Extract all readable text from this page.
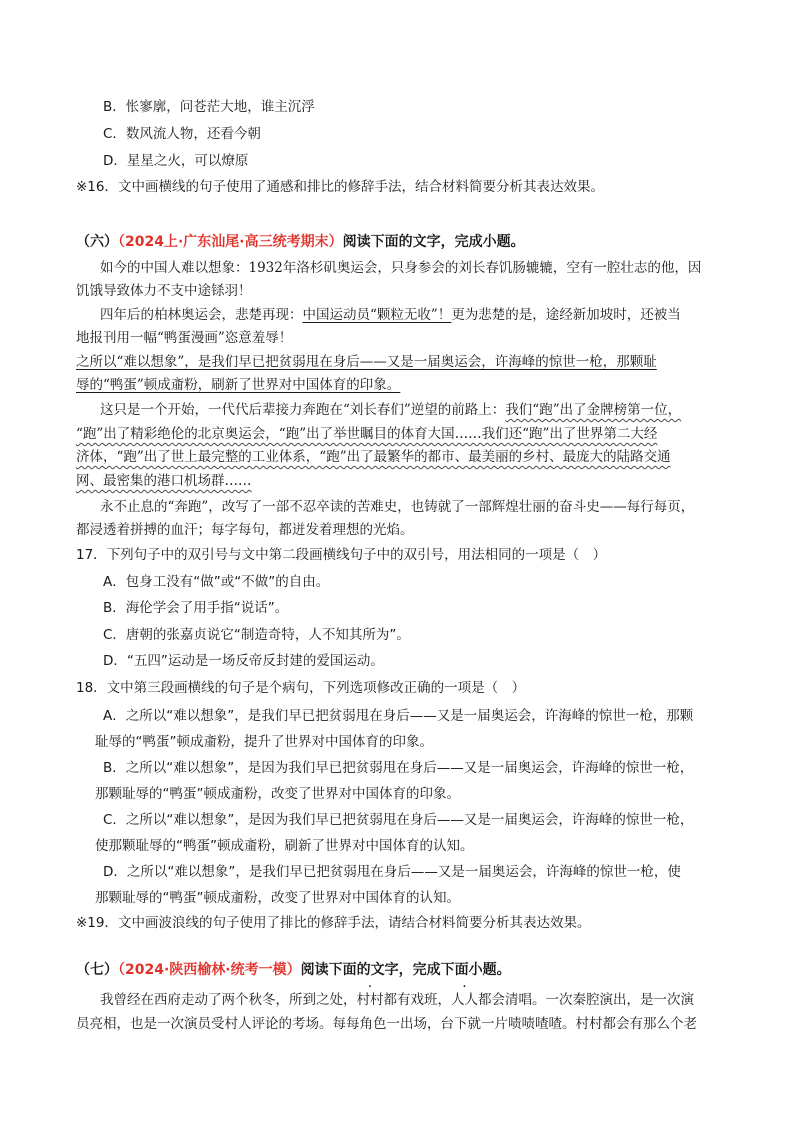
B．怅寥廓，问苍茫大地，谁主沉浮
C．数风流人物，还看今朝
D．星星之火，可以燎原
※16．文中画横线的句子使用了通感和排比的修辞手法，结合材料简要分析其表达效果。
（六）（2024上·广东汕尾·高三统考期末）阅读下面的文字，完成小题。
如今的中国人难以想象：1932年洛杉矶奥运会，只身参会的刘长春饥肠辘辘，空有一腔壮志的他，因
饥饿导致体力不支中途铩羽！
四年后的柏林奥运会，悲楚再现：中国运动员“颗粒无收”！更为悲楚的是，途经新加坡时，还被当
地报刊用一幅“鸭蛋漫画”恣意羞辱！
之所以“难以想象”，是我们早已把贫弱甩在身后——又是一届奥运会，许海峰的惊世一枪，那颗耻
辱的“鸭蛋”顿成齑粉，刷新了世界对中国体育的印象。
这只是一个开始，一代代后辈接力奔跑在“刘长春们”逆望的前路上：我们“跑”出了金牌榜第一位，
“跑”出了精彩绝伦的北京奥运会，“跑”出了举世瞩目的体育大国……我们还“跑”出了世界第二大经
济体，“跑”出了世上最完整的工业体系，“跑”出了最繁华的都市、最美丽的乡村、最庞大的陆路交通
网、最密集的港口机场群……
永不止息的“奔跑”，改写了一部不忍卒读的苦难史，也铸就了一部辉煌壮丽的奋斗史——每行每页，
都浸透着拼搏的血汗；每字每句，都迸发着理想的光焰。
17．下列句子中的双引号与文中第二段画横线句子中的双引号，用法相同的一项是（　）
A．包身工没有“做”或“不做”的自由。
B．海伦学会了用手指“说话”。
C．唐朝的张嘉贞说它“制造奇特，人不知其所为”。
D．“五四”运动是一场反帝反封建的爱国运动。
18．文中第三段画横线的句子是个病句，下列选项修改正确的一项是（　）
A．之所以“难以想象”，是我们早已把贫弱甩在身后——又是一届奥运会，许海峰的惊世一枪，那颗
耻辱的“鸭蛋”顿成齑粉，提升了世界对中国体育的印象。
B．之所以“难以想象”，是因为我们早已把贫弱甩在身后——又是一届奥运会，许海峰的惊世一枪，
那颗耻辱的“鸭蛋”顿成齑粉，改变了世界对中国体育的印象。
C．之所以“难以想象”，是因为我们早已把贫弱甩在身后——又是一届奥运会，许海峰的惊世一枪，
使那颗耻辱的“鸭蛋”顿成齑粉，刷新了世界对中国体育的认知。
D．之所以“难以想象”，是我们早已把贫弱甩在身后——又是一届奥运会，许海峰的惊世一枪，使
那颗耻辱的“鸭蛋”顿成齑粉，改变了世界对中国体育的认知。
※19．文中画波浪线的句子使用了排比的修辞手法，请结合材料简要分析其表达效果。
（七）（2024·陕西榆林·统考一模）阅读下面的文字，完成下面小题。
我曾经在西府走动了两个秋冬，所到之处，村村都有戏班，人人都会清唱。一次秦腔演出，是一次演
员亮相，也是一次演员受村人评论的考场。每每角色一出场，台下就一片啧啧喳喳。村村都会有那么个老
